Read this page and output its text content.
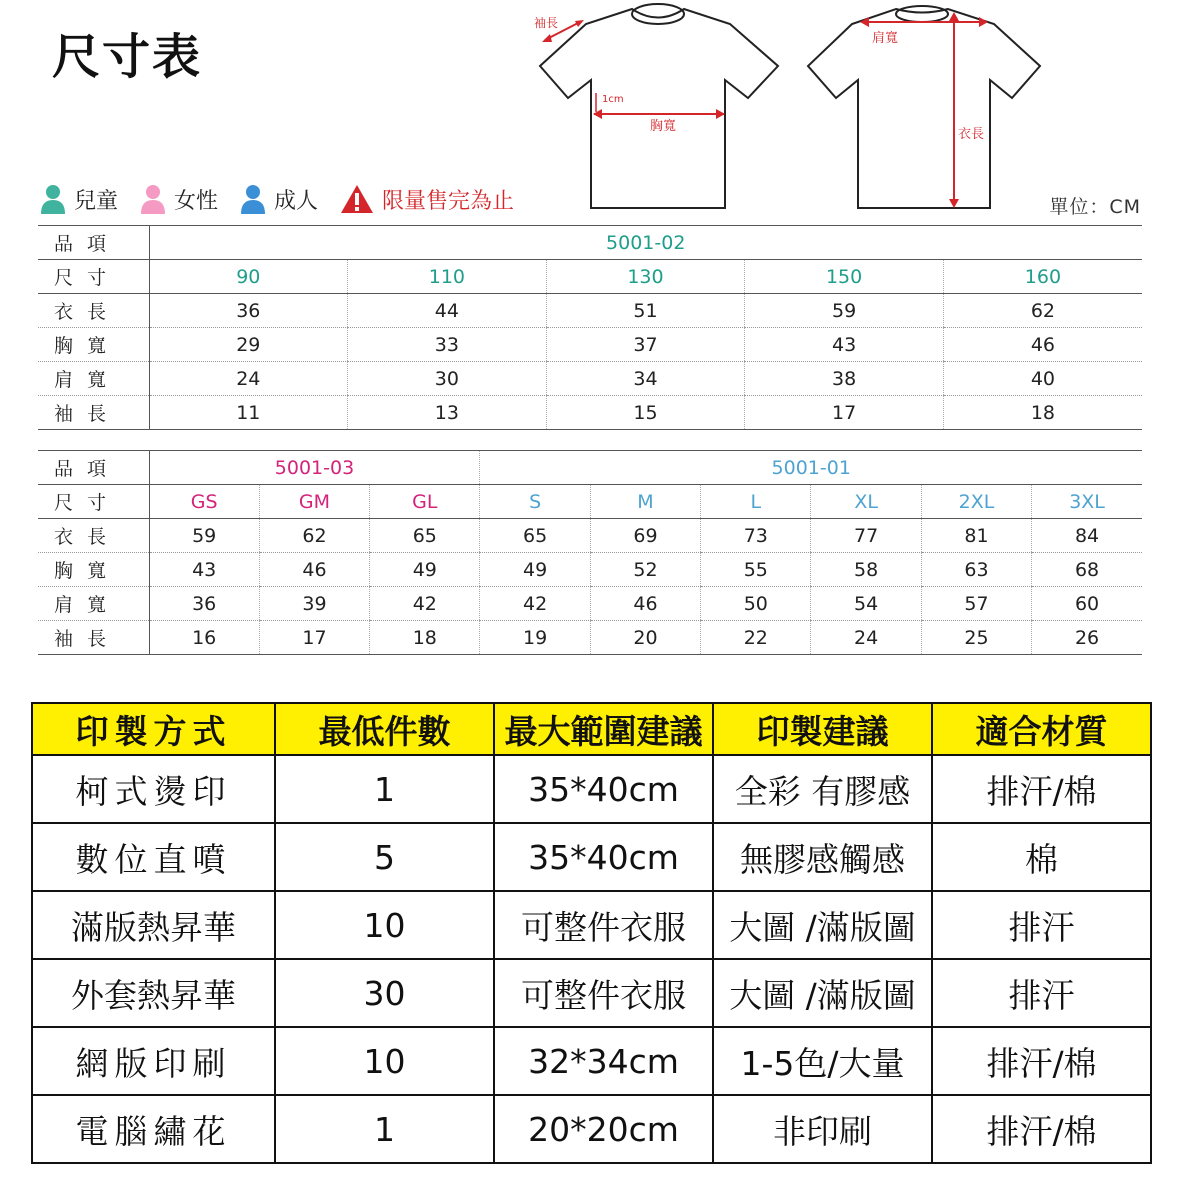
尺寸表
袖長
1cm
胸寬
肩寬
衣長
兒童	女性	成人	限量售完為止	單位：CM
品項	5001-02				
尺寸	90	110	130	150	160
衣長	36	44	51	59	62
胸寬	29	33	37	43	46
肩寬	24	30	34	38	40
袖長	11	13	15	17	18
品項	5001-03			5001-01					
尺寸	GS	GM	GL	S	M	L	XL	2XL	3XL
衣長	59	62	65	65	69	73	77	81	84
胸寬	43	46	49	49	52	55	58	63	68
肩寬	36	39	42	42	46	50	54	57	60
袖長	16	17	18	19	20	22	24	25	26
印製方式	最低件數	最大範圍建議	印製建議	適合材質
柯式燙印	1	35*40cm	全彩 有膠感	排汗/棉
數位直噴	5	35*40cm	無膠感觸感	棉
滿版熱昇華	10	可整件衣服	大圖 /滿版圖	排汗
外套熱昇華	30	可整件衣服	大圖 /滿版圖	排汗
網版印刷	10	32*34cm	1-5色/大量	排汗/棉
電腦繡花	1	20*20cm	非印刷	排汗/棉
